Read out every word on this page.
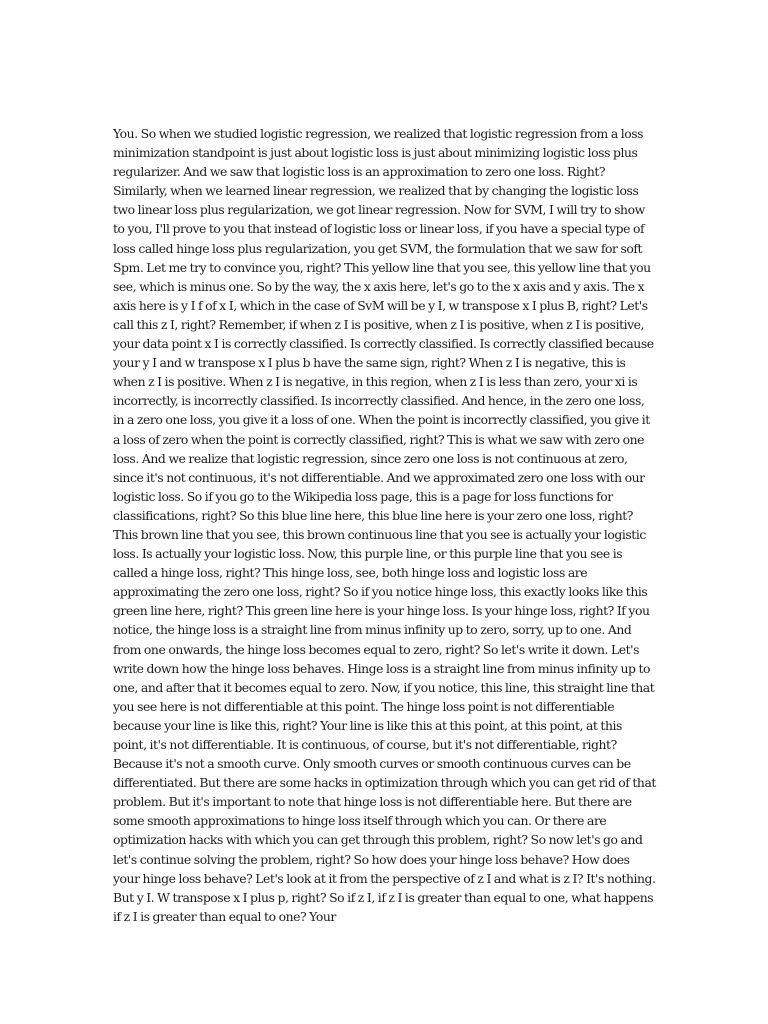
You. So when we studied logistic regression, we realized that logistic regression from a loss minimization standpoint is just about logistic loss is just about minimizing logistic loss plus regularizer. And we saw that logistic loss is an approximation to zero one loss. Right? Similarly, when we learned linear regression, we realized that by changing the logistic loss two linear loss plus regularization, we got linear regression. Now for SVM, I will try to show to you, I'll prove to you that instead of logistic loss or linear loss, if you have a special type of loss called hinge loss plus regularization, you get SVM, the formulation that we saw for soft Spm. Let me try to convince you, right? This yellow line that you see, this yellow line that you see, which is minus one. So by the way, the x axis here, let's go to the x axis and y axis. The x axis here is y I f of x I, which in the case of SvM will be y I, w transpose x I plus B, right? Let's call this z I, right? Remember, if when z I is positive, when z I is positive, when z I is positive, your data point x I is correctly classified. Is correctly classified. Is correctly classified because your y I and w transpose x I plus b have the same sign, right? When z I is negative, this is when z I is positive. When z I is negative, in this region, when z I is less than zero, your xi is incorrectly, is incorrectly classified. Is incorrectly classified. And hence, in the zero one loss, in a zero one loss, you give it a loss of one. When the point is incorrectly classified, you give it a loss of zero when the point is correctly classified, right? This is what we saw with zero one loss. And we realize that logistic regression, since zero one loss is not continuous at zero, since it's not continuous, it's not differentiable. And we approximated zero one loss with our logistic loss. So if you go to the Wikipedia loss page, this is a page for loss functions for classifications, right? So this blue line here, this blue line here is your zero one loss, right? This brown line that you see, this brown continuous line that you see is actually your logistic loss. Is actually your logistic loss. Now, this purple line, or this purple line that you see is called a hinge loss, right? This hinge loss, see, both hinge loss and logistic loss are approximating the zero one loss, right? So if you notice hinge loss, this exactly looks like this green line here, right? This green line here is your hinge loss. Is your hinge loss, right? If you notice, the hinge loss is a straight line from minus infinity up to zero, sorry, up to one. And from one onwards, the hinge loss becomes equal to zero, right? So let's write it down. Let's write down how the hinge loss behaves. Hinge loss is a straight line from minus infinity up to one, and after that it becomes equal to zero. Now, if you notice, this line, this straight line that you see here is not differentiable at this point. The hinge loss point is not differentiable because your line is like this, right? Your line is like this at this point, at this point, at this point, it's not differentiable. It is continuous, of course, but it's not differentiable, right? Because it's not a smooth curve. Only smooth curves or smooth continuous curves can be differentiated. But there are some hacks in optimization through which you can get rid of that problem. But it's important to note that hinge loss is not differentiable here. But there are some smooth approximations to hinge loss itself through which you can. Or there are optimization hacks with which you can get through this problem, right? So now let's go and let's continue solving the problem, right? So how does your hinge loss behave? How does your hinge loss behave? Let's look at it from the perspective of z I and what is z I? It's nothing. But y I. W transpose x I plus p, right? So if z I, if z I is greater than equal to one, what happens if z I is greater than equal to one? Your
